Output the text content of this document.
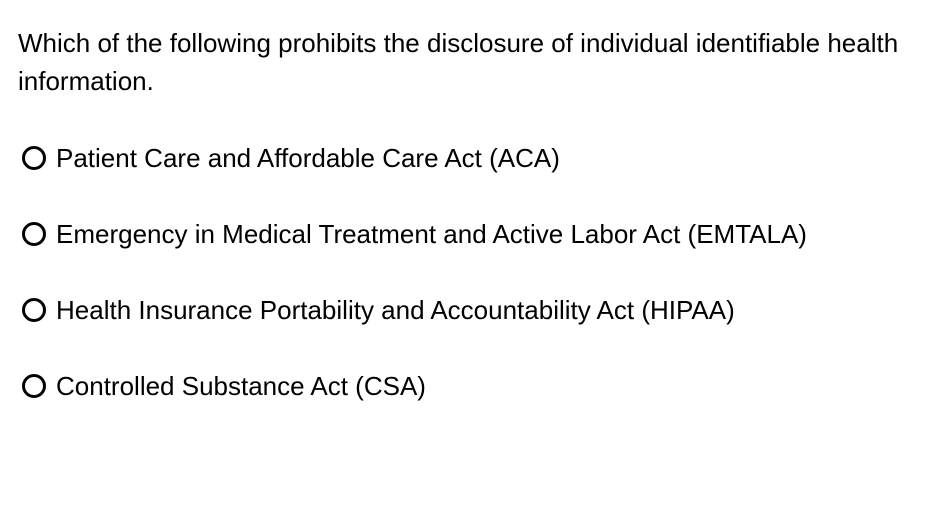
Which of the following prohibits the disclosure of individual identifiable health information.

Patient Care and Affordable Care Act (ACA)
Emergency in Medical Treatment and Active Labor Act (EMTALA)
Health Insurance Portability and Accountability Act (HIPAA)
Controlled Substance Act (CSA)
